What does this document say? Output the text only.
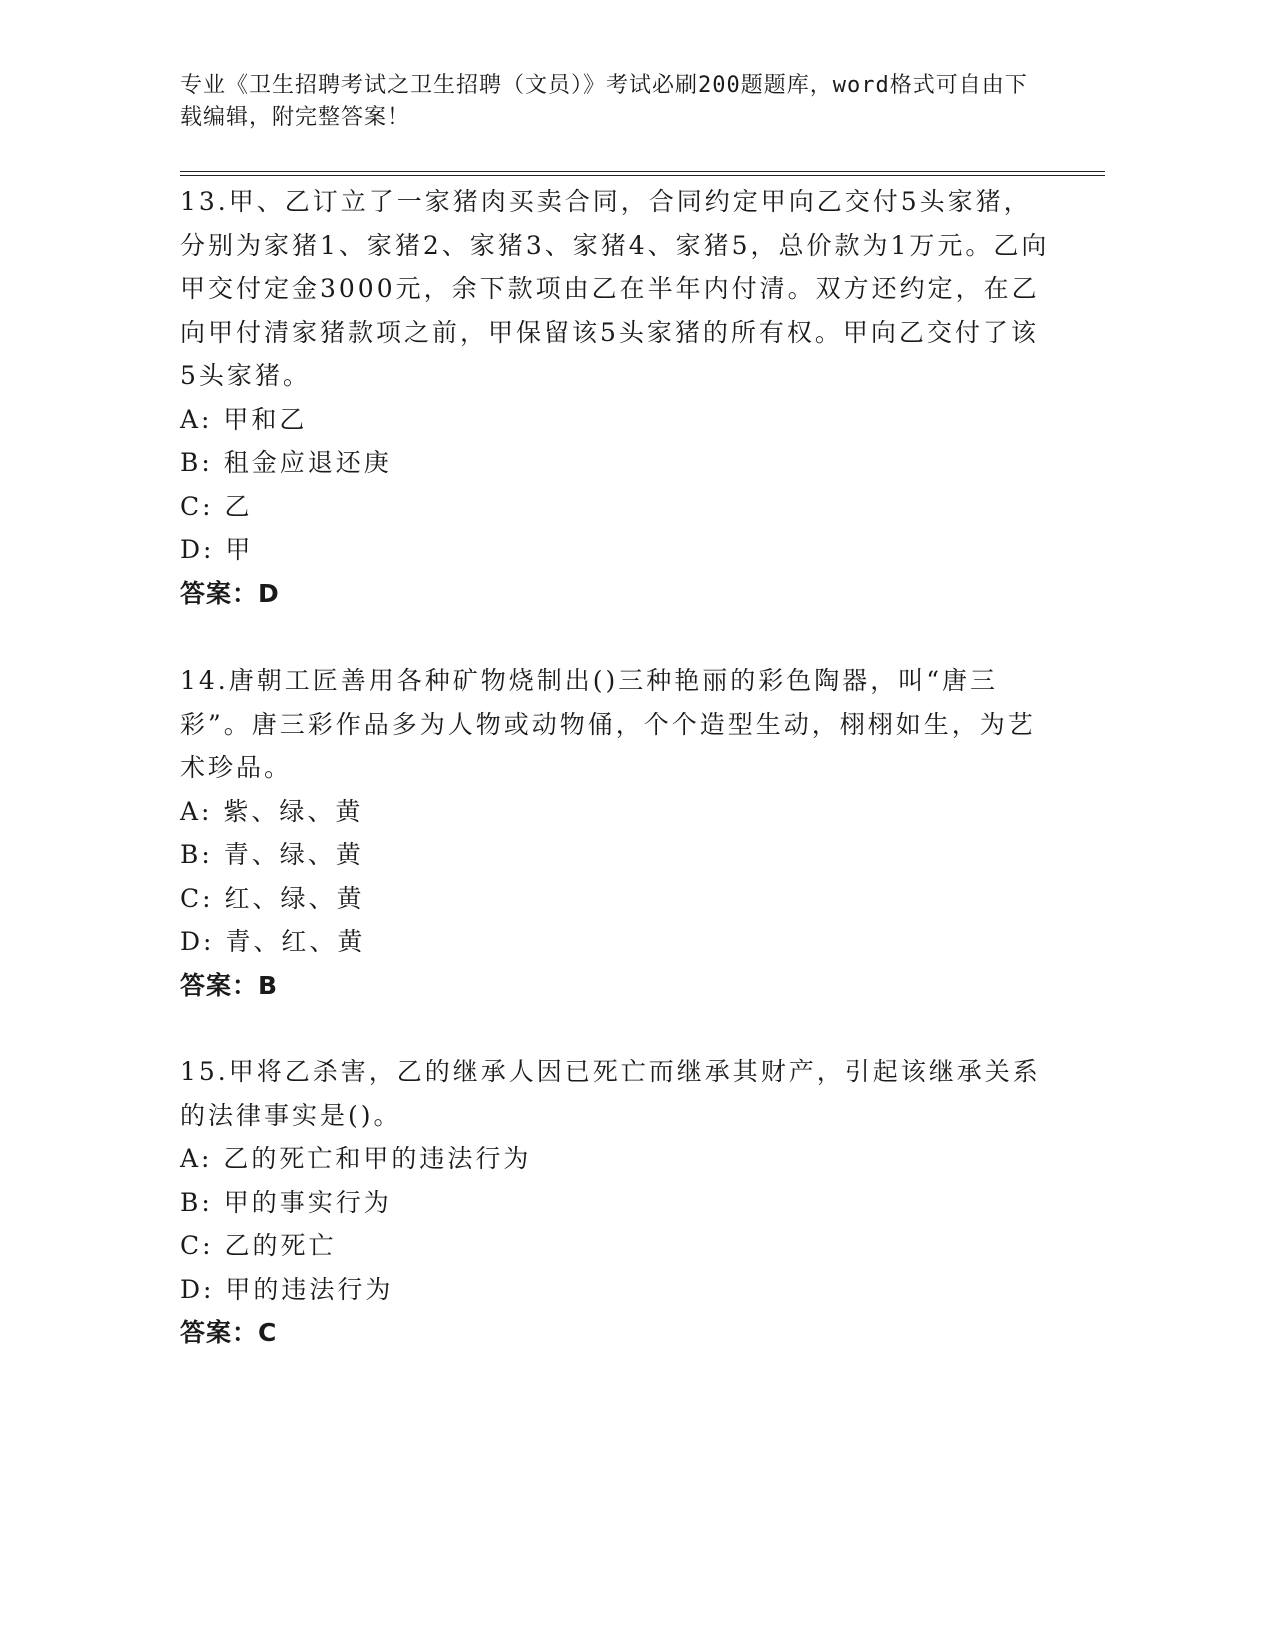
专业《卫生招聘考试之卫生招聘（文员）》考试必刷200题题库，word格式可自由下载编辑，附完整答案！
13.甲、乙订立了一家猪肉买卖合同，合同约定甲向乙交付5头家猪，分别为家猪1、家猪2、家猪3、家猪4、家猪5，总价款为1万元。乙向甲交付定金3000元，余下款项由乙在半年内付清。双方还约定，在乙向甲付清家猪款项之前，甲保留该5头家猪的所有权。甲向乙交付了该5头家猪。
A: 甲和乙
B: 租金应退还庚
C: 乙
D: 甲
答案：D
14.唐朝工匠善用各种矿物烧制出()三种艳丽的彩色陶器，叫“唐三彩”。唐三彩作品多为人物或动物俑，个个造型生动，栩栩如生，为艺术珍品。
A: 紫、绿、黄
B: 青、绿、黄
C: 红、绿、黄
D: 青、红、黄
答案：B
15.甲将乙杀害，乙的继承人因已死亡而继承其财产，引起该继承关系的法律事实是()。
A: 乙的死亡和甲的违法行为
B: 甲的事实行为
C: 乙的死亡
D: 甲的违法行为
答案：C
